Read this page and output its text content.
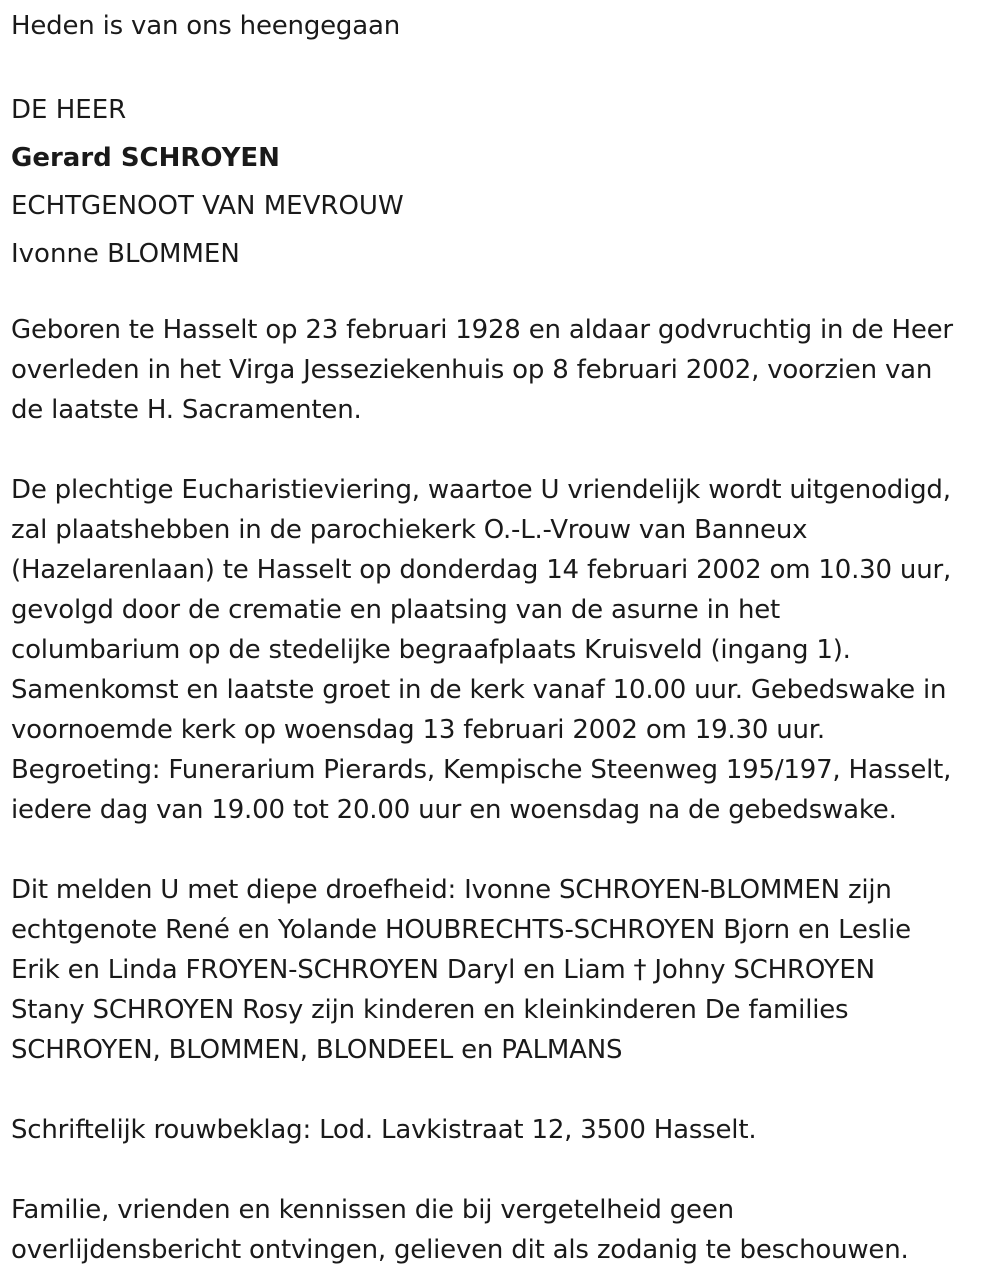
Heden is van ons heengegaan
DE HEER
Gerard SCHROYEN
ECHTGENOOT VAN MEVROUW
Ivonne BLOMMEN
Geboren te Hasselt op 23 februari 1928 en aldaar godvruchtig in de Heer
overleden in het Virga Jesseziekenhuis op 8 februari 2002, voorzien van
de laatste H. Sacramenten.
De plechtige Eucharistieviering, waartoe U vriendelijk wordt uitgenodigd,
zal plaatshebben in de parochiekerk O.-L.-Vrouw van Banneux
(Hazelarenlaan) te Hasselt op donderdag 14 februari 2002 om 10.30 uur,
gevolgd door de crematie en plaatsing van de asurne in het
columbarium op de stedelijke begraafplaats Kruisveld (ingang 1).
Samenkomst en laatste groet in de kerk vanaf 10.00 uur. Gebedswake in
voornoemde kerk op woensdag 13 februari 2002 om 19.30 uur.
Begroeting: Funerarium Pierards, Kempische Steenweg 195/197, Hasselt,
iedere dag van 19.00 tot 20.00 uur en woensdag na de gebedswake.
Dit melden U met diepe droefheid: Ivonne SCHROYEN-BLOMMEN zijn
echtgenote René en Yolande HOUBRECHTS-SCHROYEN Bjorn en Leslie
Erik en Linda FROYEN-SCHROYEN Daryl en Liam † Johny SCHROYEN
Stany SCHROYEN Rosy zijn kinderen en kleinkinderen De families
SCHROYEN, BLOMMEN, BLONDEEL en PALMANS
Schriftelijk rouwbeklag: Lod. Lavkistraat 12, 3500 Hasselt.
Familie, vrienden en kennissen die bij vergetelheid geen
overlijdensbericht ontvingen, gelieven dit als zodanig te beschouwen.
